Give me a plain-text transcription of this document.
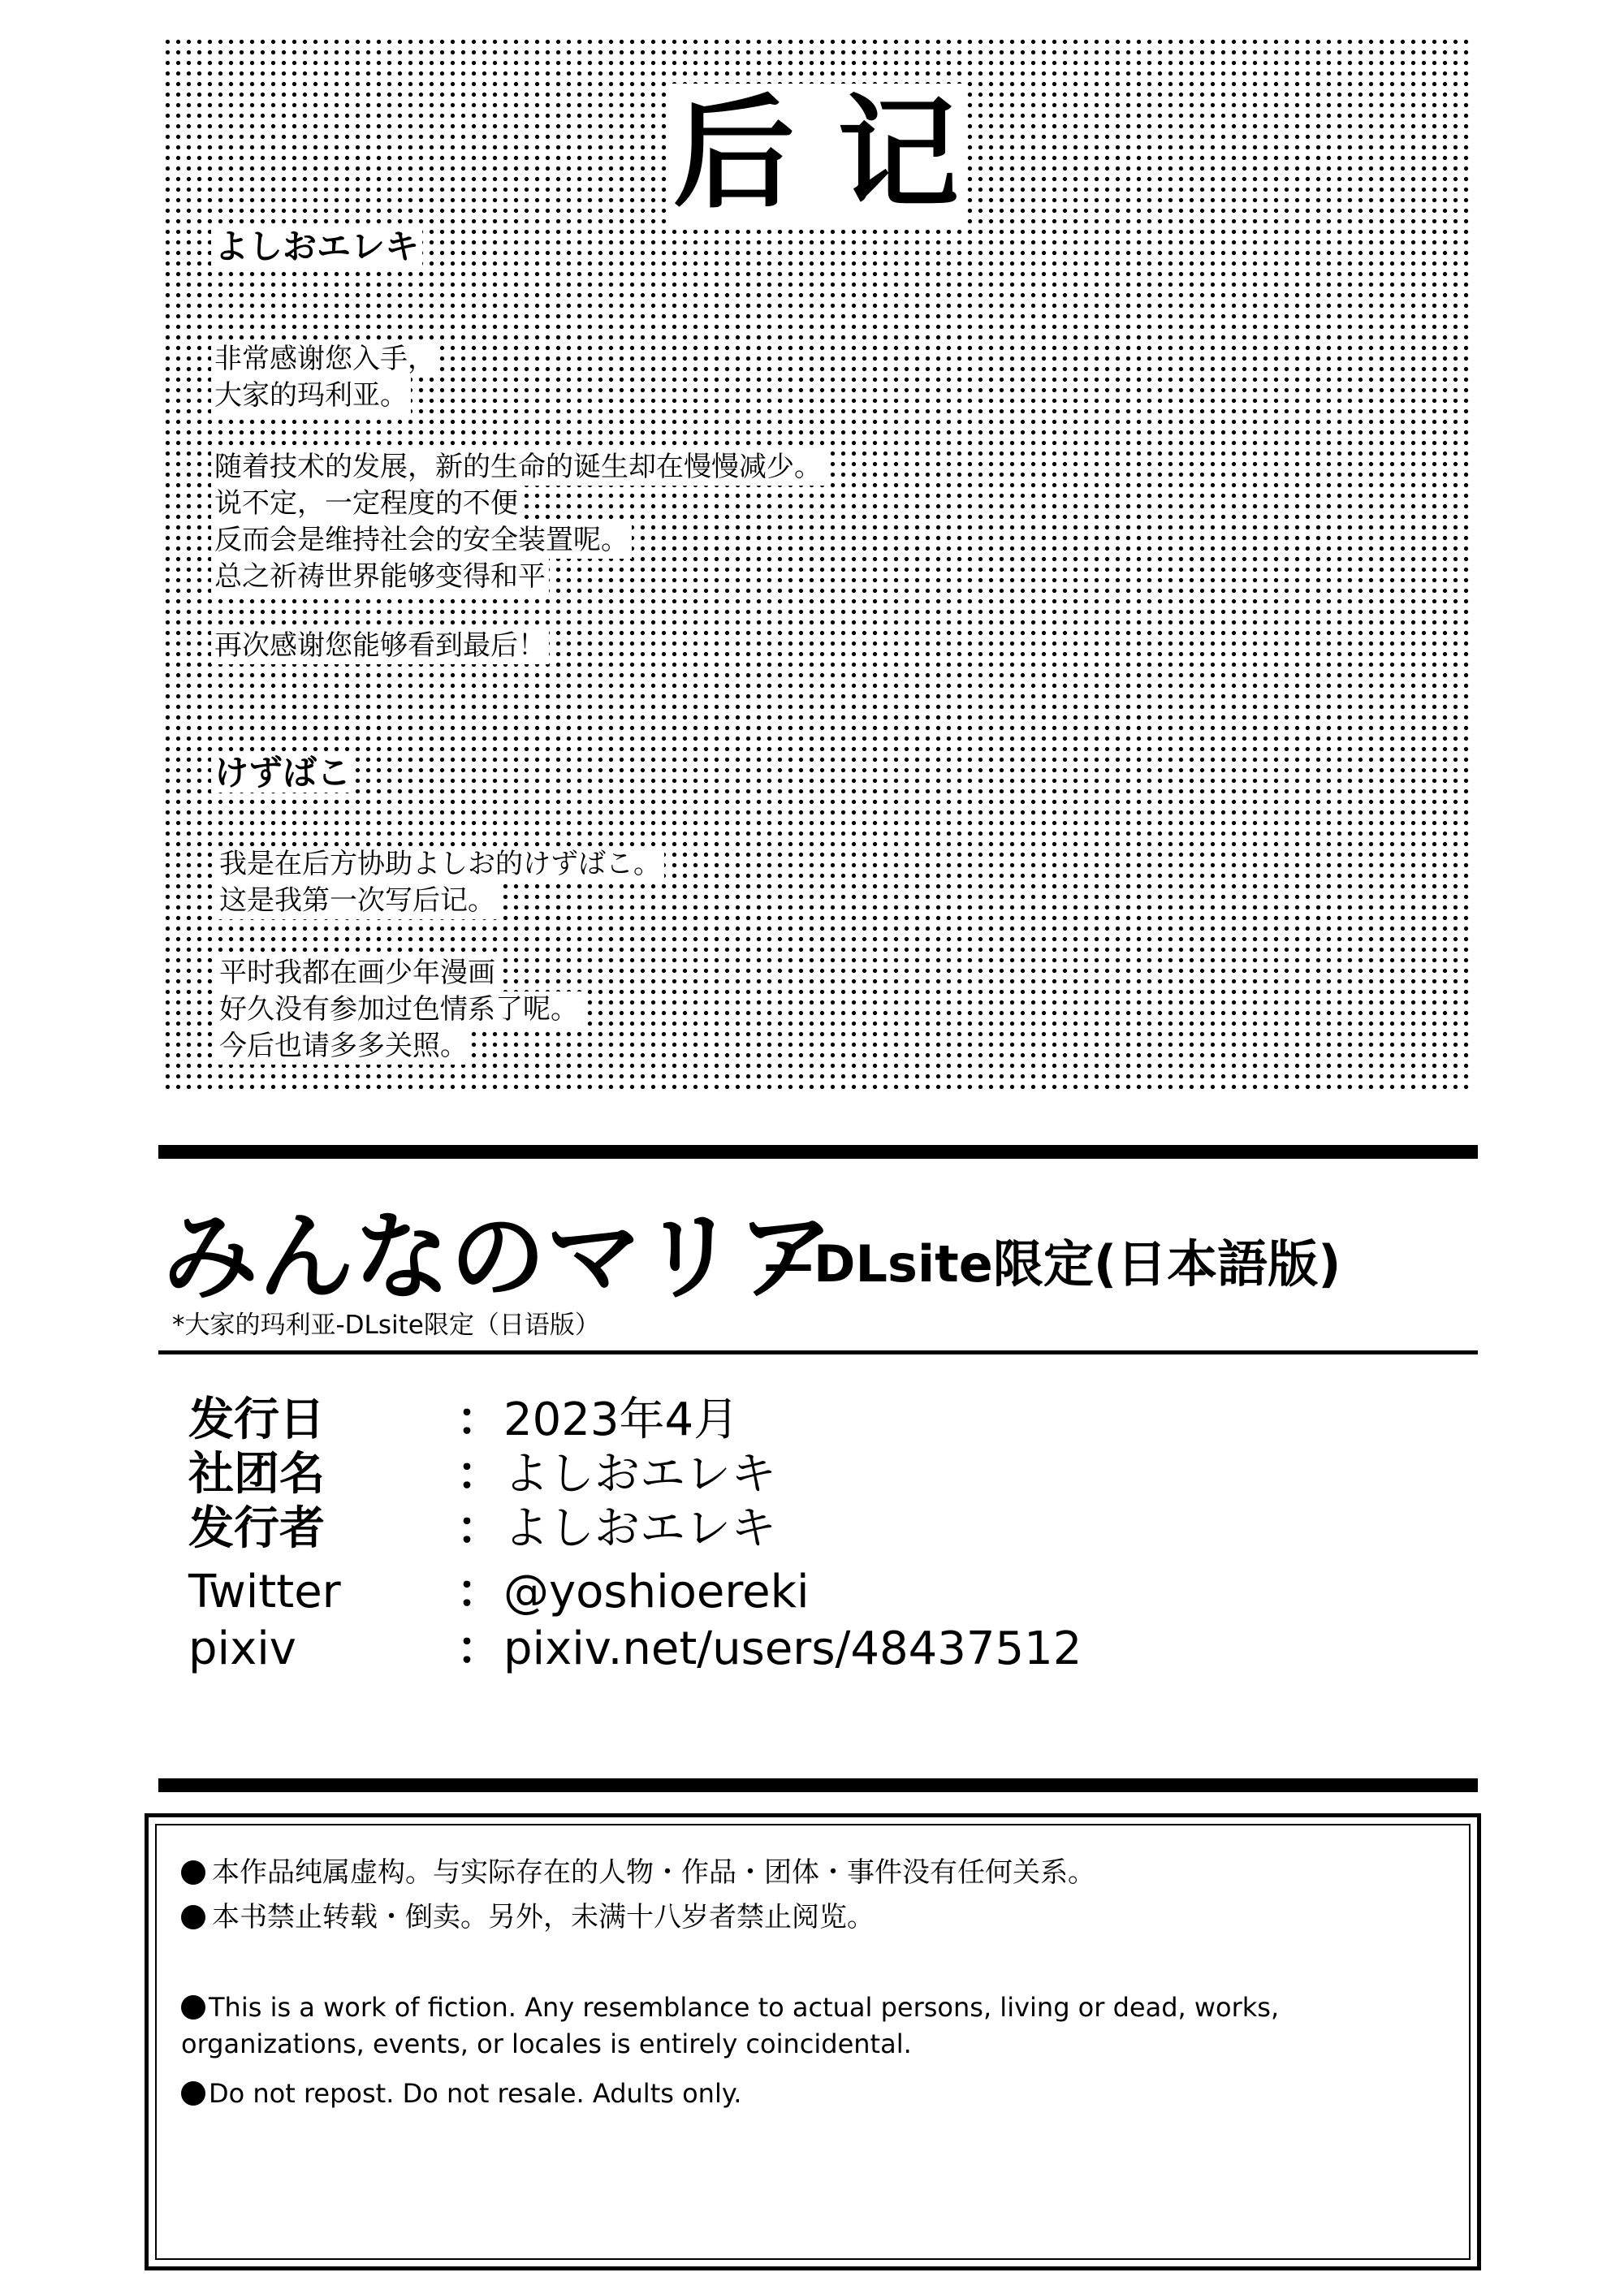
后 记
よしおエレキ
非常感谢您入手，
大家的玛利亚。
随着技术的发展，新的生命的诞生却在慢慢减少。
说不定，一定程度的不便
反而会是维持社会的安全装置呢。
总之祈祷世界能够变得和平
再次感谢您能够看到最后！
けずばこ
我是在后方协助よしお的けずばこ。
这是我第一次写后记。
平时我都在画少年漫画
好久没有参加过色情系了呢。
今后也请多多关照。
みんなのマリア
—DLsite限定(日本語版)
*大家的玛利亚-DLsite限定（日语版）
发行日	： 2023年4月
社团名	： よしおエレキ
发行者	： よしおエレキ
Twitter	： @yoshioereki
pixiv	： pixiv.net/users/48437512
本作品纯属虚构。与实际存在的人物・作品・团体・事件没有任何关系。
本书禁止转载・倒卖。另外，未满十八岁者禁止阅览。
This is a work of fiction. Any resemblance to actual persons, living or dead, works,
organizations, events, or locales is entirely coincidental.
Do not repost. Do not resale. Adults only.
